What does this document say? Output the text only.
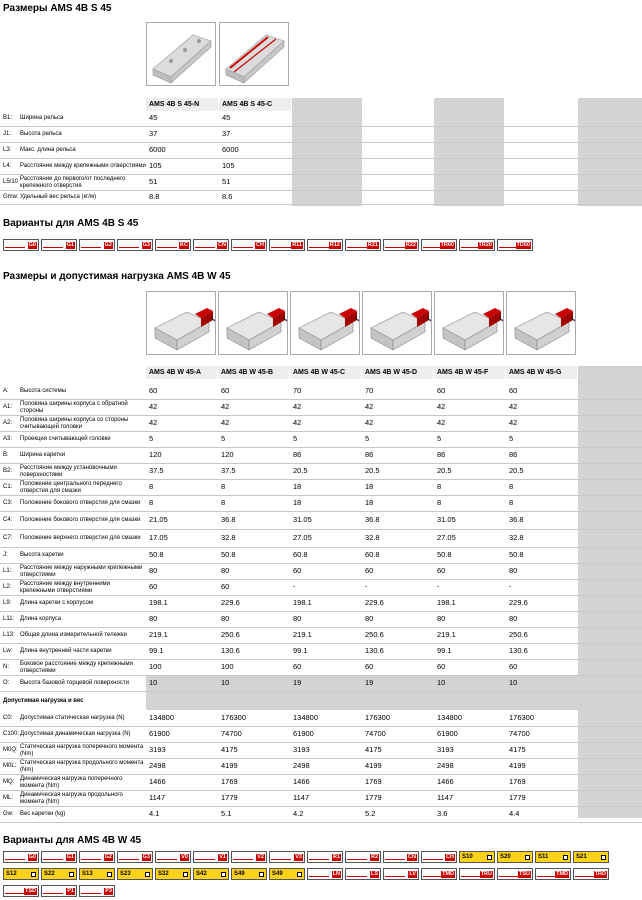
Размеры AMS 4B S 45
AMS 4B S 45-N	AMS 4B S 45-C
B1:	Ширина рельса	45	45
J1:	Высота рельса	37	37
L3:	Макс. длина рельса	6000	6000
L4:	Расстояние между крепежными отверстиями 105	105
L5/10
Расстояние до первого/от последнего крепежного отверстия	51	51
Gmw: Удельный вес рельса (кг/м)	8.8	8.6
Варианты для AMS 4B S 45
G0	G1	G2	G3	KC	CN	CH	R11	R12	R21	R22	TR60	TR20	TD50
Размеры и допустимая нагрузка AMS 4B W 45
AMS 4B W 45-A	AMS 4B W 45-B	AMS 4B W 45-C	AMS 4B W 45-D	AMS 4B W 45-F	AMS 4B W 45-G
A:	Высота системы	60	60	70	70	60	60
A1:
Половина ширины корпуса с обратной стороны	42	42	42	42	42	42
A2:
Половина ширины корпуса со стороны считывающей головки	42	42	42	42	42	42
A3:	Проекция считывающей головки	5	5	5	5	5	5
B:	Ширина каретки	120	120	86	86	86	86
B2:
Расстояние между установочными поверхностями	37.5	37.5	20.5	20.5	20.5	20.5
C1:
Положение центрального переднего отверстия для смазки	8	8	18	18	8	8
C3:	Положение бокового отверстия для смазки	8	8	18	18	8	8
C4:	Положение бокового отверстия для смазки	21.05	36.8	31.05	36.8	31.05	36.8
C7:	Положение верхнего отверстия для смазки	17.05	32.8	27.05	32.8	27.05	32.8
J:	Высота каретки	50.8	50.8	60.8	60.8	50.8	50.8
L1:
Расстояние между наружными крепежными отверстиями	80	80	60	60	60	80
L2:
Расстояние между внутренними крепежными отверстиями	60	60	-	-	-	-
L9:	Длина каретки с корпусом	198.1	229.6	198.1	229.6	198.1	229.6
L11: Длина корпуса	80	80	80	80	80	80
L13: Общая длина измерительной тележки	219.1	250.6	219.1	250.6	219.1	250.6
Lw:	Длина внутренней части каретки	99.1	130.6	99.1	130.6	99.1	130.6
N:
Боковое расстояние между крепежными отверстиями	100	100	60	60	60	60
O:	Высота базовой торцевой поверхности	10	10	19	19	10	10
Допустимая нагрузка и вес
C0:	Допустимая статическая нагрузка (N)	134800	176300	134800	176300	134800	176300
C100: Допустимая динамическая нагрузка (N)	61900	74700	61900	74700	61900	74700
M0Q:
Статическая нагрузка поперечного момента (Nm)	3193	4175	3193	4175	3193	4175
M0L:
Статическая нагрузка продольного момента (Nm)	2498	4199	2498	4199	2498	4199
MQ:
Динамическая нагрузка поперечного момента (Nm)	1466	1769	1466	1769	1466	1769
ML:
Динамическая нагрузка продольного момента (Nm)	1147	1779	1147	1779	1147	1779
Gw:	Вес каретки (kg)	4.1	5.1	4.2	5.2	3.6	4.4
Варианты для AMS 4B W 45
G0	G1	G2	G3	V0	V1	V2	V3	R1	R2	CN	CH S10	S20	S11	S21
S12	S22	S13	S23	S32	S42	S49	S49	LN	LS	LV	TMD	TRU	TSU	TMD	TRD
TSD	P1	P3
